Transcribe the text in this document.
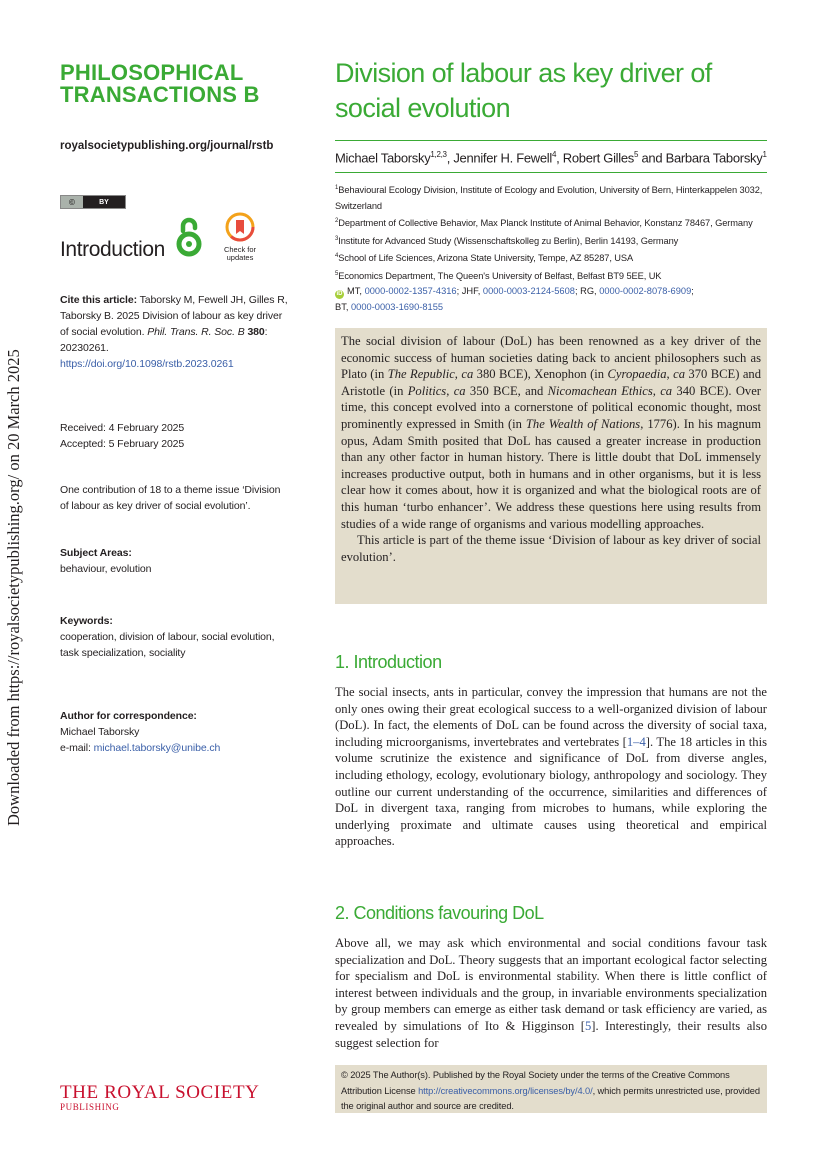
Downloaded from https://royalsocietypublishing.org/ on 20 March 2025
PHILOSOPHICAL
TRANSACTIONS B
royalsocietypublishing.org/journal/rstb
©	BY
Introduction	Check for
updates
Cite this article: Taborsky M, Fewell JH, Gilles R, Taborsky B. 2025 Division of labour as key driver of social evolution. Phil. Trans. R. Soc. B 380: 20230261.
https://doi.org/10.1098/rstb.2023.0261
Received: 4 February 2025
Accepted: 5 February 2025
One contribution of 18 to a theme issue ‘Division of labour as key driver of social evolution’.
Subject Areas:
behaviour, evolution
Keywords:
cooperation, division of labour, social evolution, task specialization, sociality
Author for correspondence:
Michael Taborsky
e-mail: michael.taborsky@unibe.ch
THE ROYAL SOCIETY
PUBLISHING
Division of labour as key driver of
social evolution
Michael Taborsky$^{1,2,3}$, Jennifer H. Fewell$^4$, Robert Gilles$^5$ and Barbara Taborsky$^1$
$^1$Behavioural Ecology Division, Institute of Ecology and Evolution, University of Bern, Hinterkappelen 3032, Switzerland
$^2$Department of Collective Behavior, Max Planck Institute of Animal Behavior, Konstanz 78467, Germany
$^3$Institute for Advanced Study (Wissenschaftskolleg zu Berlin), Berlin 14193, Germany
$^4$School of Life Sciences, Arizona State University, Tempe, AZ 85287, USA
$^5$Economics Department, The Queen's University of Belfast, Belfast BT9 5EE, UK
iD MT, 0000-0002-1357-4316; JHF, 0000-0003-2124-5608; RG, 0000-0002-8078-6909;
BT, 0000-0003-1690-8155

The social division of labour (DoL) has been renowned as a key driver of the economic success of human societies dating back to ancient philosophers such as Plato (in The Republic, ca 380 BCE), Xenophon (in Cyropaedia, ca 370 BCE) and Aristotle (in Politics, ca 350 BCE, and Nicomachean Ethics, ca 340 BCE). Over time, this concept evolved into a cornerstone of political economic thought, most prominently expressed in Smith (in The Wealth of Nations, 1776). In his magnum opus, Adam Smith posited that DoL has caused a greater increase in production than any other factor in human history. There is little doubt that DoL immensely increases productive output, both in humans and in other organisms, but it is less clear how it comes about, how it is organized and what the biological roots are of this human ‘turbo enhancer’. We address these questions here using results from studies of a wide range of organisms and various modelling approaches.

This article is part of the theme issue ‘Division of labour as key driver of social evolution’.

1. Introduction

The social insects, ants in particular, convey the impression that humans are not the only ones owing their great ecological success to a well-organized division of labour (DoL). In fact, the elements of DoL can be found across the diversity of social taxa, including microorganisms, invertebrates and vertebrates [1–4]. The 18 articles in this volume scrutinize the existence and significance of DoL from diverse angles, including ethology, ecology, evolutionary biology, anthropology and sociology. They outline our current understanding of the occurrence, similarities and differences of DoL in divergent taxa, ranging from microbes to humans, while exploring the underlying proximate and ultimate causes using theoretical and empirical approaches.

2. Conditions favouring DoL

Above all, we may ask which environmental and social conditions favour task specialization and DoL. Theory suggests that an important ecological factor selecting for specialism and DoL is environmental stability. When there is little conflict of interest between individuals and the group, in invariable environments specialization by group members can emerge as either task demand or task efficiency are varied, as revealed by simulations of Ito & Higginson [5]. Interestingly, their results also suggest selection for

© 2025 The Author(s). Published by the Royal Society under the terms of the Creative Commons Attribution License http://creativecommons.org/licenses/by/4.0/, which permits unrestricted use, provided the original author and source are credited.
